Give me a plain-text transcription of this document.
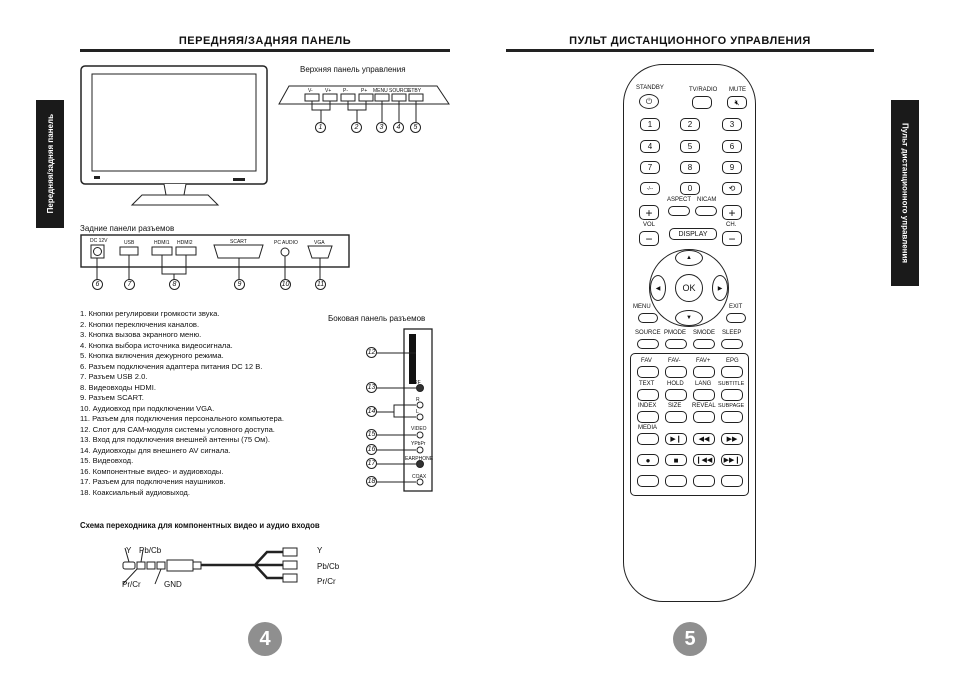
ПЕРЕДНЯЯ/ЗАДНЯЯ ПАНЕЛЬ
Передняя/задняя панель
Верхняя панель управления
V- V+ P-	P+ MENU SOURCE
STBY
1	2	3	4	5
Задние панели разъемов
DC 12V	USB	HDMI1 HDMI2	SCART	PC AUDIO	VGA
6	7	8	9	10	11
1. Кнопки регулировки громкости звука.
2. Кнопки переключения каналов.
3. Кнопка вызова экранного меню.
4. Кнопка выбора источника видеосигнала.
5. Кнопка включения дежурного режима.
6. Разъем подключения адаптера питания DC 12 В.
7. Разъем USB 2.0.
8. Видеовходы HDMI.
9. Разъем SCART.
10. Аудиовход при подключении VGA.
11. Разъем для подключения персонального компьютера.
12. Слот для CAM-модуля системы условного доступа.
13. Вход для подключения внешней антенны (75 Ом).
14. Аудиовходы для внешнего AV сигнала.
15. Видеовход.
16. Компонентные видео- и аудиовходы.
17. Разъем для подключения наушников.
18. Коаксиальный аудиовыход.
Боковая панель разъемов
RF
R
L
VIDEO
YPbPr
EARPHONE
COAX
12
13
14
15
16
17
18
Схема переходника для компонентных видео и аудио входов
Y Pb/Cb
Pr/Cr	GND
Y
Pb/Cb
Pr/Cr
4
ПУЛЬТ ДИСТАНЦИОННОГО УПРАВЛЕНИЯ
Пульт дистанционного управления
STANDBY
⏻
TV/RADIO MUTE
🔇︎
1	2	3
4	5	6
7	8	9
-/--	0	⟲
ASPECT NICAM
+	+
VOL	CH.
DISPLAY
−	−
▲
▼
◀	▶
OK
MENU	EXIT
SOURCE PMODE SMODE SLEEP
FAV	FAV-	FAV+	EPG
TEXT HOLD LANG SUBTITLE
INDEX SIZE REVEAL SUBPAGE
MEDIA
▶❙ ◀◀ ▶▶
●	■ ❙◀◀ ▶▶❙
5
